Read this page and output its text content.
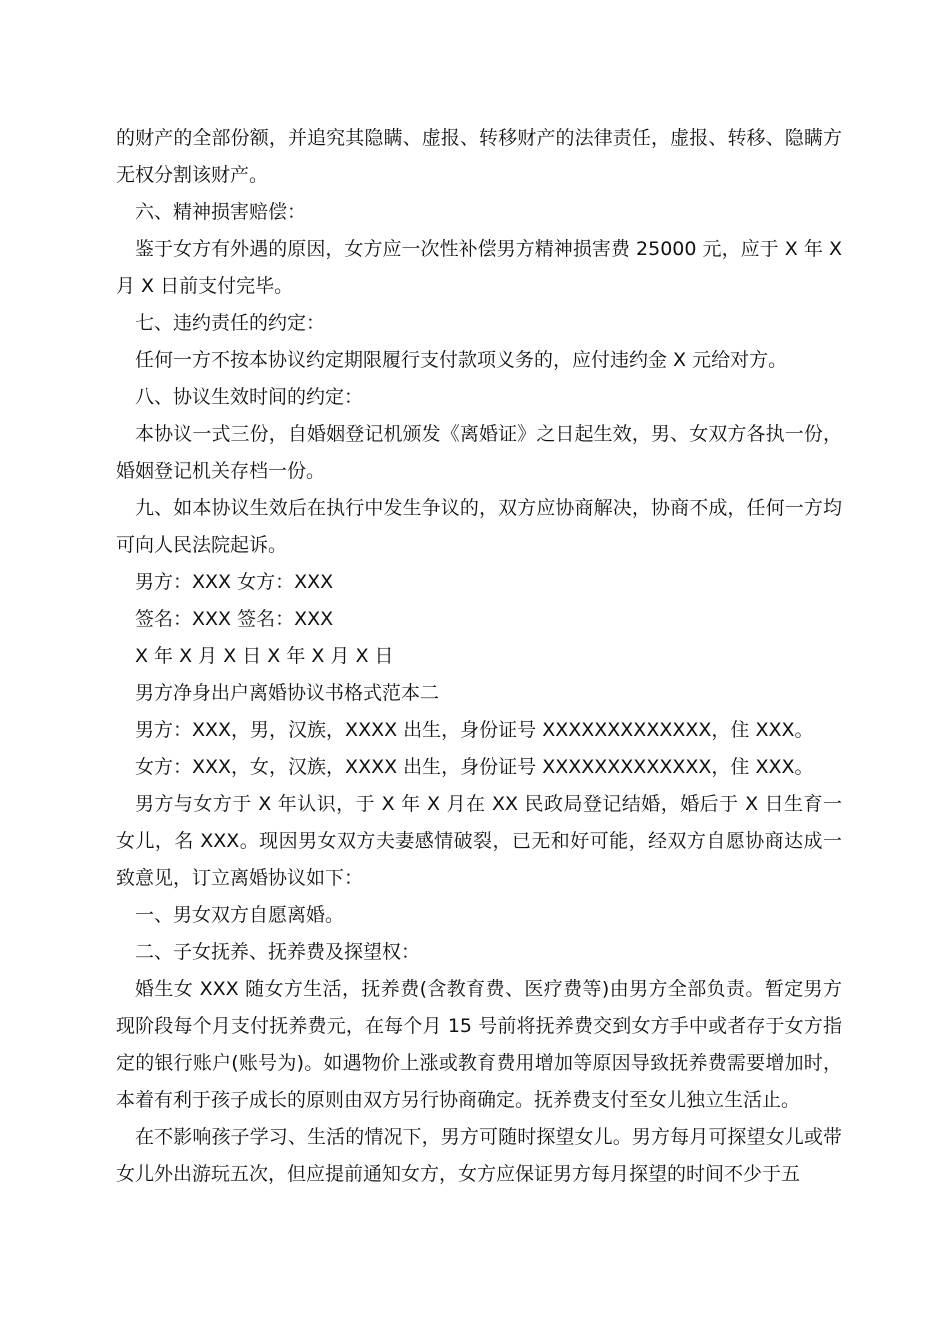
的财产的全部份额，并追究其隐瞒、虚报、转移财产的法律责任，虚报、转移、隐瞒方无权分割该财产。

六、精神损害赔偿：

鉴于女方有外遇的原因，女方应一次性补偿男方精神损害费 25000 元，应于 X 年 X 月 X 日前支付完毕。

七、违约责任的约定：

任何一方不按本协议约定期限履行支付款项义务的，应付违约金 X 元给对方。

八、协议生效时间的约定：

本协议一式三份，自婚姻登记机颁发《离婚证》之日起生效，男、女双方各执一份，婚姻登记机关存档一份。

九、如本协议生效后在执行中发生争议的，双方应协商解决，协商不成，任何一方均可向人民法院起诉。

男方：XXX 女方：XXX

签名：XXX 签名：XXX

X 年 X 月 X 日 X 年 X 月 X 日

男方净身出户离婚协议书格式范本二

男方：XXX，男，汉族，XXXX 出生，身份证号 XXXXXXXXXXXXX，住 XXX。

女方：XXX，女，汉族，XXXX 出生，身份证号 XXXXXXXXXXXXX，住 XXX。

男方与女方于 X 年认识，于 X 年 X 月在 XX 民政局登记结婚，婚后于 X 日生育一女儿，名 XXX。现因男女双方夫妻感情破裂，已无和好可能，经双方自愿协商达成一致意见，订立离婚协议如下：

一、男女双方自愿离婚。

二、子女抚养、抚养费及探望权：

婚生女 XXX 随女方生活，抚养费(含教育费、医疗费等)由男方全部负责。暂定男方现阶段每个月支付抚养费元，在每个月 15 号前将抚养费交到女方手中或者存于女方指定的银行账户(账号为)。如遇物价上涨或教育费用增加等原因导致抚养费需要增加时，本着有利于孩子成长的原则由双方另行协商确定。抚养费支付至女儿独立生活止。

在不影响孩子学习、生活的情况下，男方可随时探望女儿。男方每月可探望女儿或带女儿外出游玩五次，但应提前通知女方，女方应保证男方每月探望的时间不少于五
